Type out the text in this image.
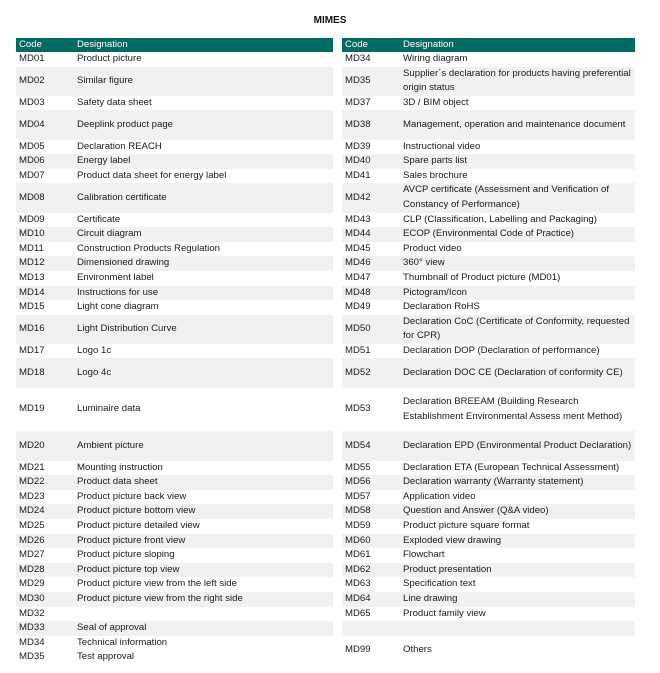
MIMES
Code	Designation
MD01	Product picture
MD02	Similar figure
MD03	Safety data sheet
MD04	Deeplink product page
MD05	Declaration REACH
MD06	Energy label
MD07	Product data sheet for energy label
MD08	Calibration certificate
MD09	Certificate
MD10	Circuit diagram
MD11	Construction Products Regulation
MD12	Dimensioned drawing
MD13	Environment label
MD14	Instructions for use
MD15	Light cone diagram
MD16	Light Distribution Curve
MD17	Logo 1c
MD18	Logo 4c
MD19	Luminaire data
MD20	Ambient picture
MD21	Mounting instruction
MD22	Product data sheet
MD23	Product picture back view
MD24	Product picture bottom view
MD25	Product picture detailed view
MD26	Product picture front view
MD27	Product picture sloping
MD28	Product picture top view
MD29	Product picture view from the left side
MD30	Product picture view from the right side
MD32	
MD33	Seal of approval
MD34	Technical information
MD35	Test approval
Code	Designation
MD34	Wiring diagram
MD35	Supplier´s declaration for products having preferential origin status
MD37	3D / BIM object
MD38	Management, operation and maintenance document
MD39	Instructional video
MD40	Spare parts list
MD41	Sales brochure
MD42	AVCP certificate (Assessment and Verification of Constancy of Performance)
MD43	CLP (Classification, Labelling and Packaging)
MD44	ECOP (Environmental Code of Practice)
MD45	Product video
MD46	360° view
MD47	Thumbnail of Product picture (MD01)
MD48	Pictogram/Icon
MD49	Declaration RoHS
MD50	Declaration CoC (Certificate of Conformity, requested for CPR)
MD51	Declaration DOP (Declaration of performance)
MD52	Declaration DOC CE (Declaration of conformity CE)
MD53	Declaration BREEAM (Building Research Establishment Environmental Assess ment Method)
MD54	Declaration EPD (Environmental Product Declaration)
MD55	Declaration ETA (European Technical Assessment)
MD56	Declaration warranty (Warranty statement)
MD57	Application video
MD58	Question and Answer (Q&A video)
MD59	Product picture square format
MD60	Exploded view drawing
MD61	Flowchart
MD62	Product presentation
MD63	Specification text
MD64	Line drawing
MD65	Product family view

MD99	Others
